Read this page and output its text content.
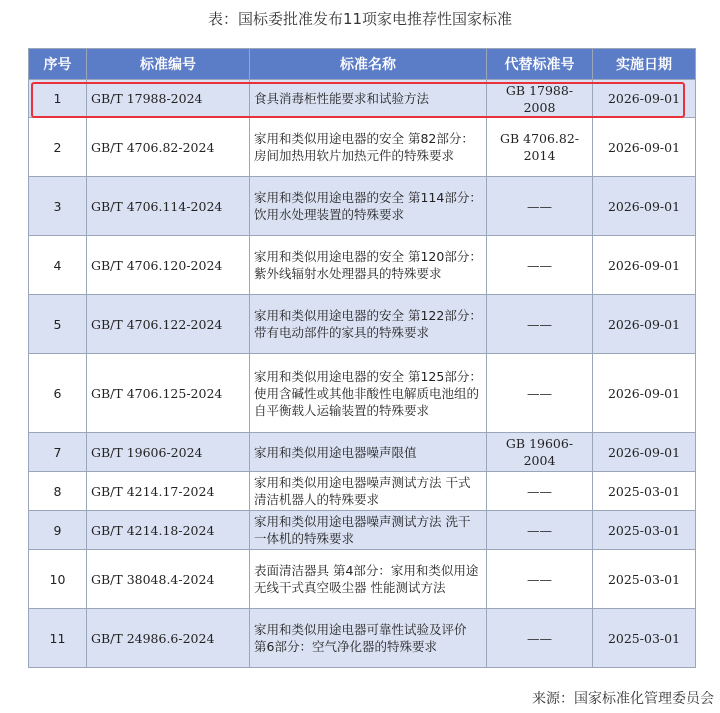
表：国标委批准发布11项家电推荐性国家标准
序号	标准编号	标准名称	代替标准号	实施日期
1	GB/T 17988-2024	食具消毒柜性能要求和试验方法	GB 17988-2008	2026-09-01
2	GB/T 4706.82-2024	家用和类似用途电器的安全 第82部分：房间加热用软片加热元件的特殊要求	GB 4706.82-2014	2026-09-01
3	GB/T 4706.114-2024	家用和类似用途电器的安全 第114部分： 饮用水处理装置的特殊要求	——	2026-09-01
4	GB/T 4706.120-2024	家用和类似用途电器的安全 第120部分：紫外线辐射水处理器具的特殊要求	——	2026-09-01
5	GB/T 4706.122-2024	家用和类似用途电器的安全 第122部分：带有电动部件的家具的特殊要求	——	2026-09-01
6	GB/T 4706.125-2024	家用和类似用途电器的安全 第125部分：使用含碱性或其他非酸性电解质电池组的自平衡载人运输装置的特殊要求	——	2026-09-01
7	GB/T 19606-2024	家用和类似用途电器噪声限值	GB 19606-2004	2026-09-01
8	GB/T 4214.17-2024	家用和类似用途电器噪声测试方法 干式清洁机器人的特殊要求	——	2025-03-01
9	GB/T 4214.18-2024	家用和类似用途电器噪声测试方法 洗干一体机的特殊要求	——	2025-03-01
10	GB/T 38048.4-2024	表面清洁器具 第4部分：家用和类似用途无线干式真空吸尘器 性能测试方法	——	2025-03-01
11	GB/T 24986.6-2024	家用和类似用途电器可靠性试验及评价 第6部分：空气净化器的特殊要求	——	2025-03-01
来源：国家标准化管理委员会
